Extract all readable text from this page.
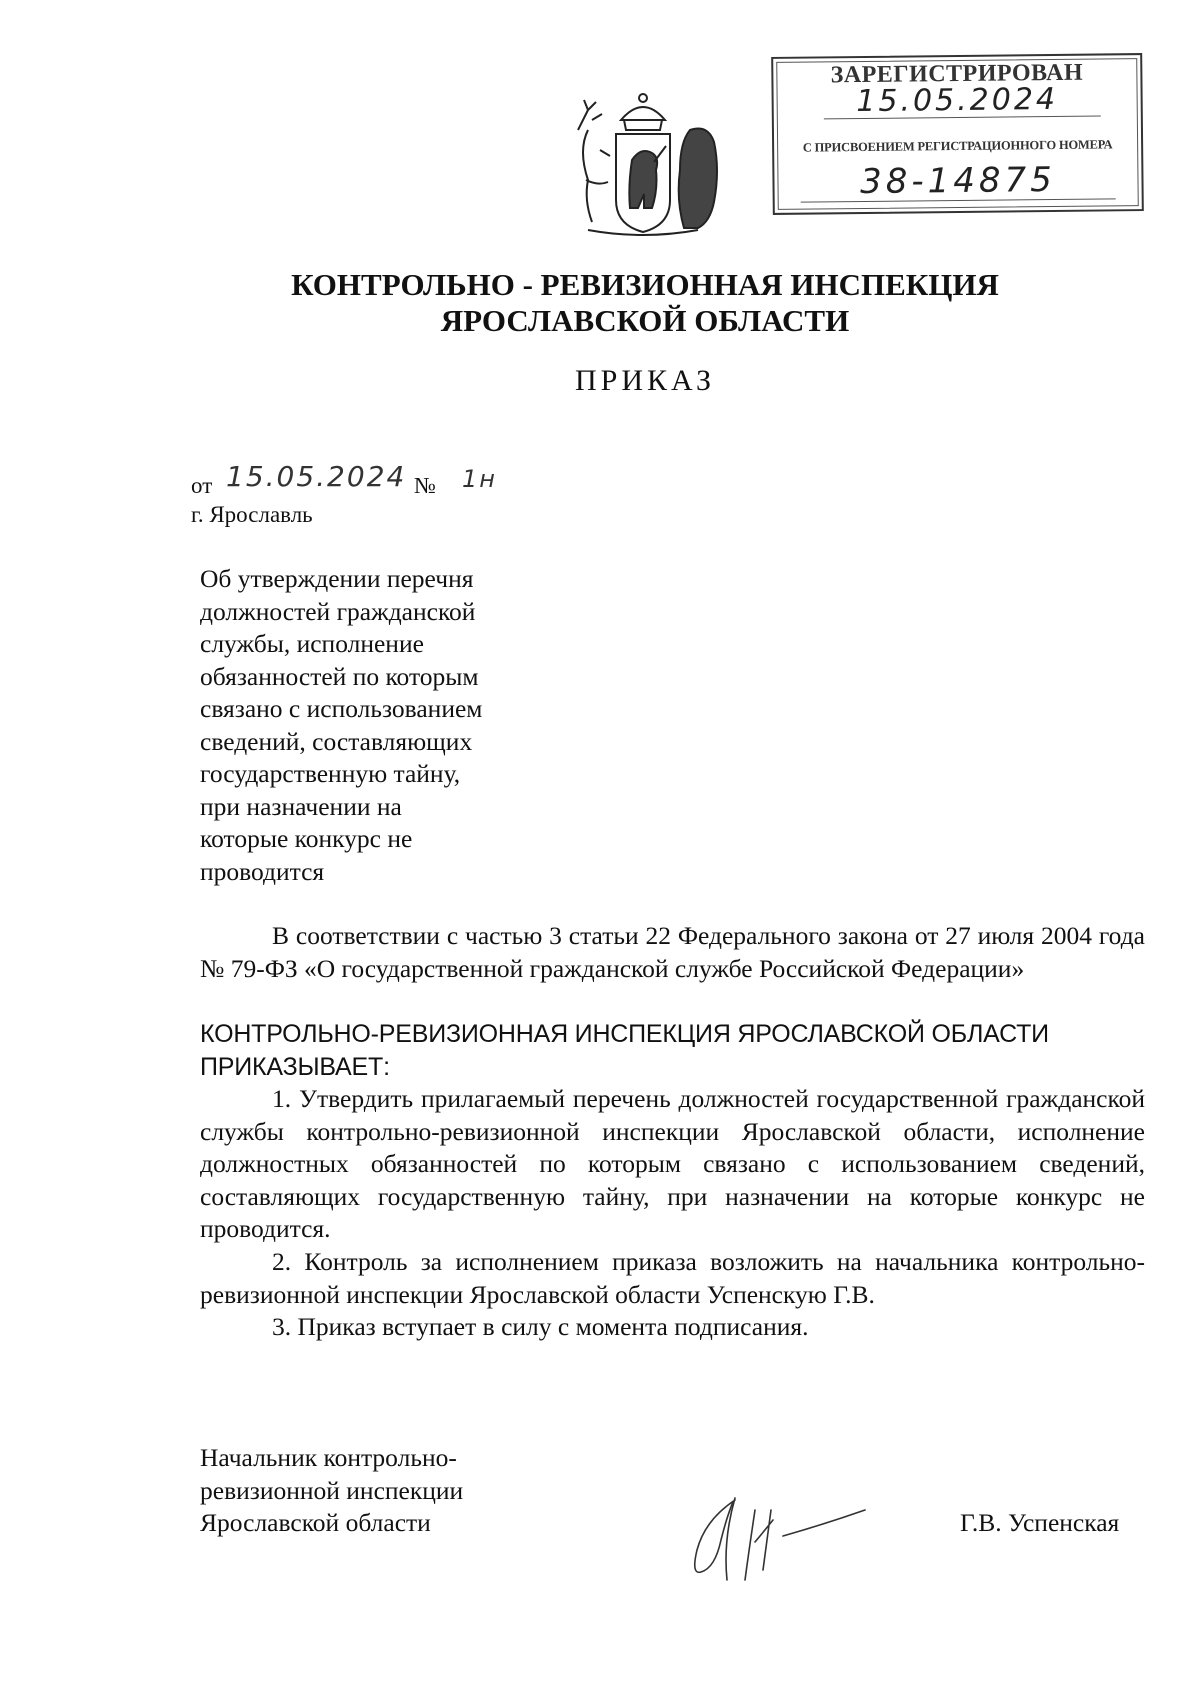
ЗАРЕГИСТРИРОВАН
15.05.2024
С ПРИСВОЕНИЕМ РЕГИСТРАЦИОННОГО НОМЕРА
38-14875
КОНТРОЛЬНО - РЕВИЗИОННАЯ ИНСПЕКЦИЯ
ЯРОСЛАВСКОЙ ОБЛАСТИ
ПРИКАЗ
от 15.05.2024 № 1н
г. Ярославль
Об утверждении перечня
должностей гражданской
службы, исполнение
обязанностей по которым
связано с использованием
сведений, составляющих
государственную тайну,
при назначении на
которые конкурс не
проводится
В соответствии с частью 3 статьи 22 Федерального закона от 27 июля 2004 года № 79-ФЗ «О государственной гражданской службе Российской Федерации»
КОНТРОЛЬНО-РЕВИЗИОННАЯ ИНСПЕКЦИЯ ЯРОСЛАВСКОЙ ОБЛАСТИ ПРИКАЗЫВАЕТ:
1. Утвердить прилагаемый перечень должностей государственной гражданской службы контрольно-ревизионной инспекции Ярославской области, исполнение должностных обязанностей по которым связано с использованием сведений, составляющих государственную тайну, при назначении на которые конкурс не проводится.
2. Контроль за исполнением приказа возложить на начальника контрольно-ревизионной инспекции Ярославской области Успенскую Г.В.
3. Приказ вступает в силу с момента подписания.
Начальник контрольно-
ревизионной инспекции
Ярославской области	Г.В. Успенская
